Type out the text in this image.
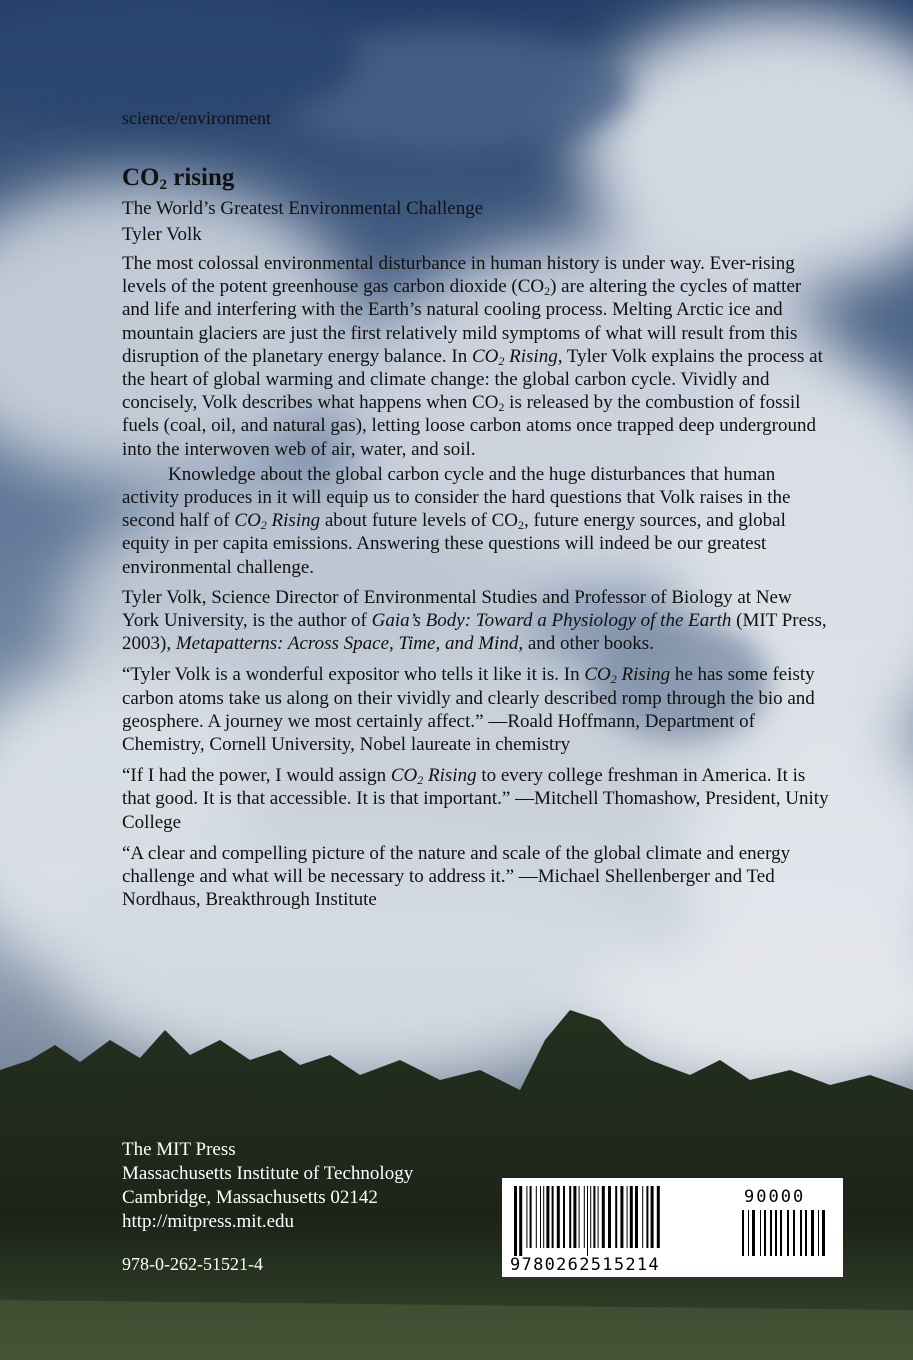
science/environment
$CO_2$ rising
The World’s Greatest Environmental Challenge
Tyler Volk

The most colossal environmental disturbance in human history is under way. Ever-rising levels of the potent greenhouse gas carbon dioxide $(CO_2)$ are altering the cycles of matter and life and interfering with the Earth’s natural cooling process. Melting Arctic ice and mountain glaciers are just the first relatively mild symptoms of what will result from this disruption of the planetary energy balance. In $CO_2$ Rising, Tyler Volk explains the process at the heart of global warming and climate change: the global carbon cycle. Vividly and concisely, Volk describes what happens when $CO_2$ is released by the combustion of fossil fuels (coal, oil, and natural gas), letting loose carbon atoms once trapped deep underground into the interwoven web of air, water, and soil.

Knowledge about the global carbon cycle and the huge disturbances that human activity produces in it will equip us to consider the hard questions that Volk raises in the second half of $CO_2$ Rising about future levels of $CO_2$, future energy sources, and global equity in per capita emissions. Answering these questions will indeed be our greatest environmental challenge.

Tyler Volk, Science Director of Environmental Studies and Professor of Biology at New York University, is the author of Gaia’s Body: Toward a Physiology of the Earth (MIT Press, 2003), Metapatterns: Across Space, Time, and Mind, and other books.

“Tyler Volk is a wonderful expositor who tells it like it is. In $CO_2$ Rising he has some feisty carbon atoms take us along on their vividly and clearly described romp through the bio and geosphere. A journey we most certainly affect.” —Roald Hoffmann, Department of Chemistry, Cornell University, Nobel laureate in chemistry

“If I had the power, I would assign $CO_2$ Rising to every college freshman in America. It is that good. It is that accessible. It is that important.” —Mitchell Thomashow, President, Unity College

“A clear and compelling picture of the nature and scale of the global climate and energy challenge and what will be necessary to address it.” —Michael Shellenberger and Ted Nordhaus, Breakthrough Institute

The MIT Press
Massachusetts Institute of Technology
Cambridge, Massachusetts 02142
http://mitpress.mit.edu
978-0-262-51521-4	9780262515214
90000
